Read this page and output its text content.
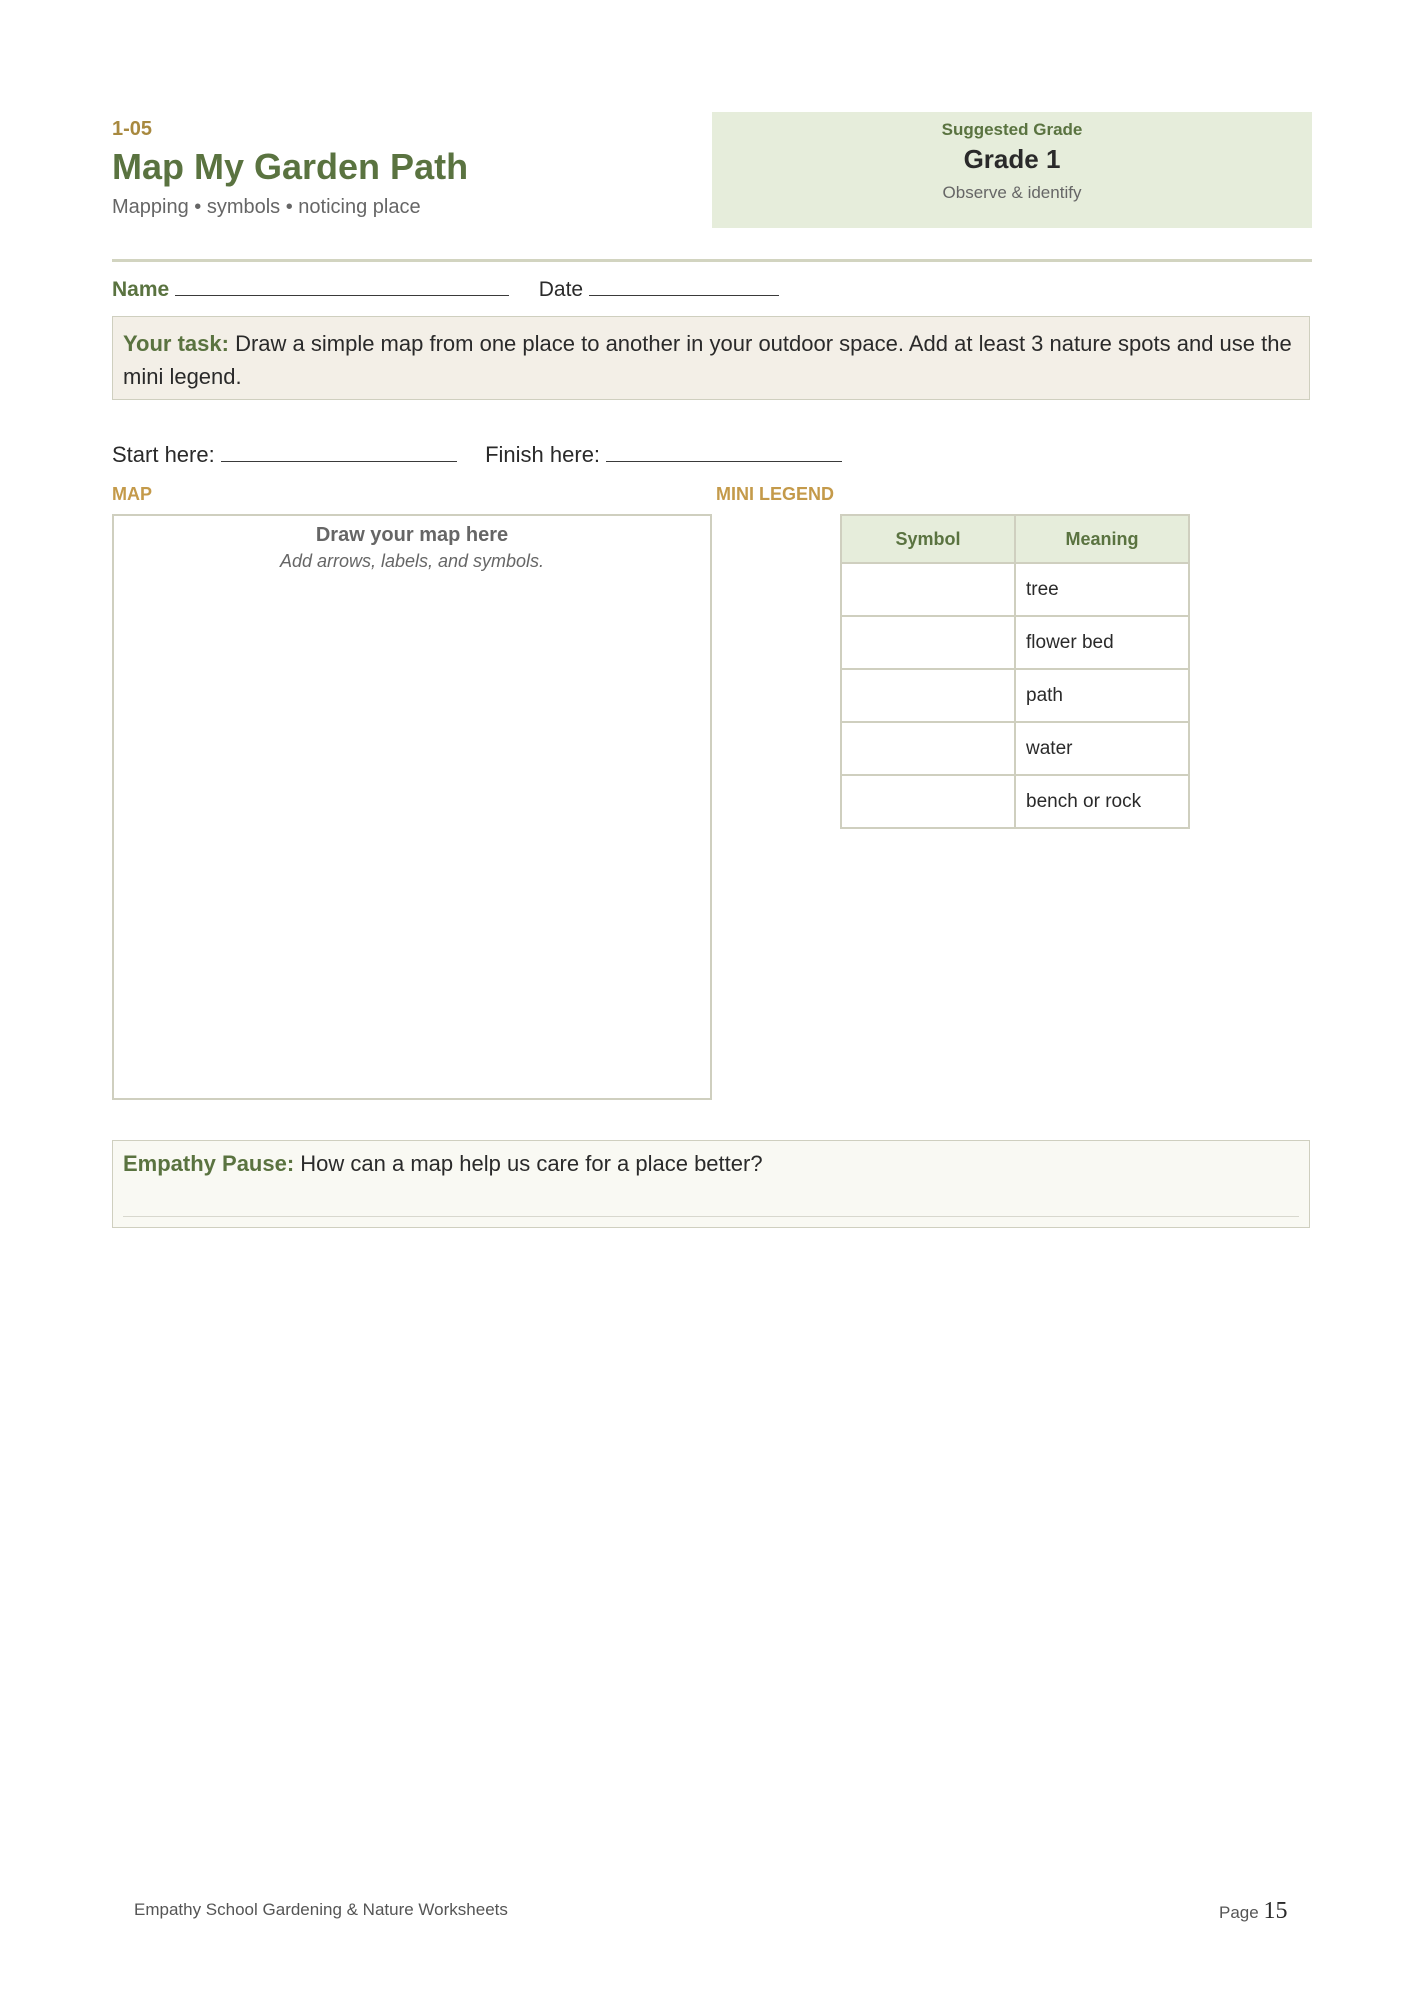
1-05
Map My Garden Path
Mapping • symbols • noticing place
Suggested Grade
Grade 1
Observe & identify
Name	Date
Your task: Draw a simple map from one place to another in your outdoor space. Add at least 3 nature spots and use the mini legend.
Start here:	Finish here:
MAP	MINI LEGEND
Draw your map here
Add arrows, labels, and symbols.
Symbol	Meaning
	tree
	flower bed
	path
	water
	bench or rock
Empathy Pause: How can a map help us care for a place better?
Empathy School Gardening & Nature Worksheets	Page 15
